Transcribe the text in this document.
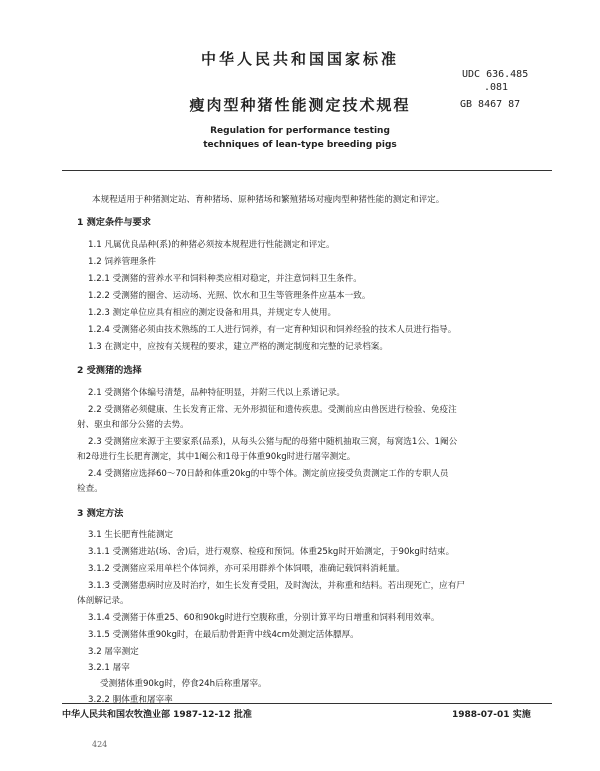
中华人民共和国国家标准
UDC 636.485
.081
瘦肉型种猪性能测定技术规程	GB 8467 87
Regulation for performance testing
techniques of lean-type breeding pigs
本规程适用于种猪测定站、育种猪场、原种猪场和繁殖猪场对瘦肉型种猪性能的测定和评定。
1 测定条件与要求
1.1 凡属优良品种(系)的种猪必须按本规程进行性能测定和评定。
1.2 饲养管理条件
1.2.1 受测猪的营养水平和饲料种类应相对稳定，并注意饲料卫生条件。
1.2.2 受测猪的圈舍、运动场、光照、饮水和卫生等管理条件应基本一致。
1.2.3 测定单位应具有相应的测定设备和用具，并规定专人使用。
1.2.4 受测猪必须由技术熟练的工人进行饲养，有一定育种知识和饲养经验的技术人员进行指导。
1.3 在测定中，应按有关规程的要求，建立严格的测定制度和完整的记录档案。
2 受测猪的选择
2.1 受测猪个体编号清楚，品种特征明显，并附三代以上系谱记录。
2.2 受测猪必须健康、生长发育正常、无外形损征和遗传疾患。受测前应由兽医进行检验、免疫注
射、驱虫和部分公猪的去势。
2.3 受测猪应来源于主要家系(品系)，从每头公猪与配的母猪中随机抽取三窝，每窝选1公、1阉公
和2母进行生长肥育测定，其中1阉公和1母于体重90kg时进行屠宰测定。
2.4 受测猪应选择60～70日龄和体重20kg的中等个体。测定前应接受负责测定工作的专职人员
检查。
3 测定方法
3.1 生长肥育性能测定
3.1.1 受测猪进站(场、舍)后，进行观察、检疫和预饲。体重25kg时开始测定，于90kg时结束。
3.1.2 受测猪应采用单栏个体饲养，亦可采用群养个体饲喂，准确记载饲料消耗量。
3.1.3 受测猪患病时应及时治疗，如生长发育受阻，及时淘汰，并称重和结料。若出现死亡，应有尸
体剖解记录。
3.1.4 受测猪于体重25、60和90kg时进行空腹称重，分别计算平均日增重和饲料利用效率。
3.1.5 受测猪体重90kg时，在最后肋骨距背中线4cm处测定活体膘厚。
3.2 屠宰测定
3.2.1 屠宰
受测猪体重90kg时，停食24h后称重屠宰。
3.2.2 胴体重和屠宰率
中华人民共和国农牧渔业部 1987-12-12 批准	1988-07-01 实施
424
